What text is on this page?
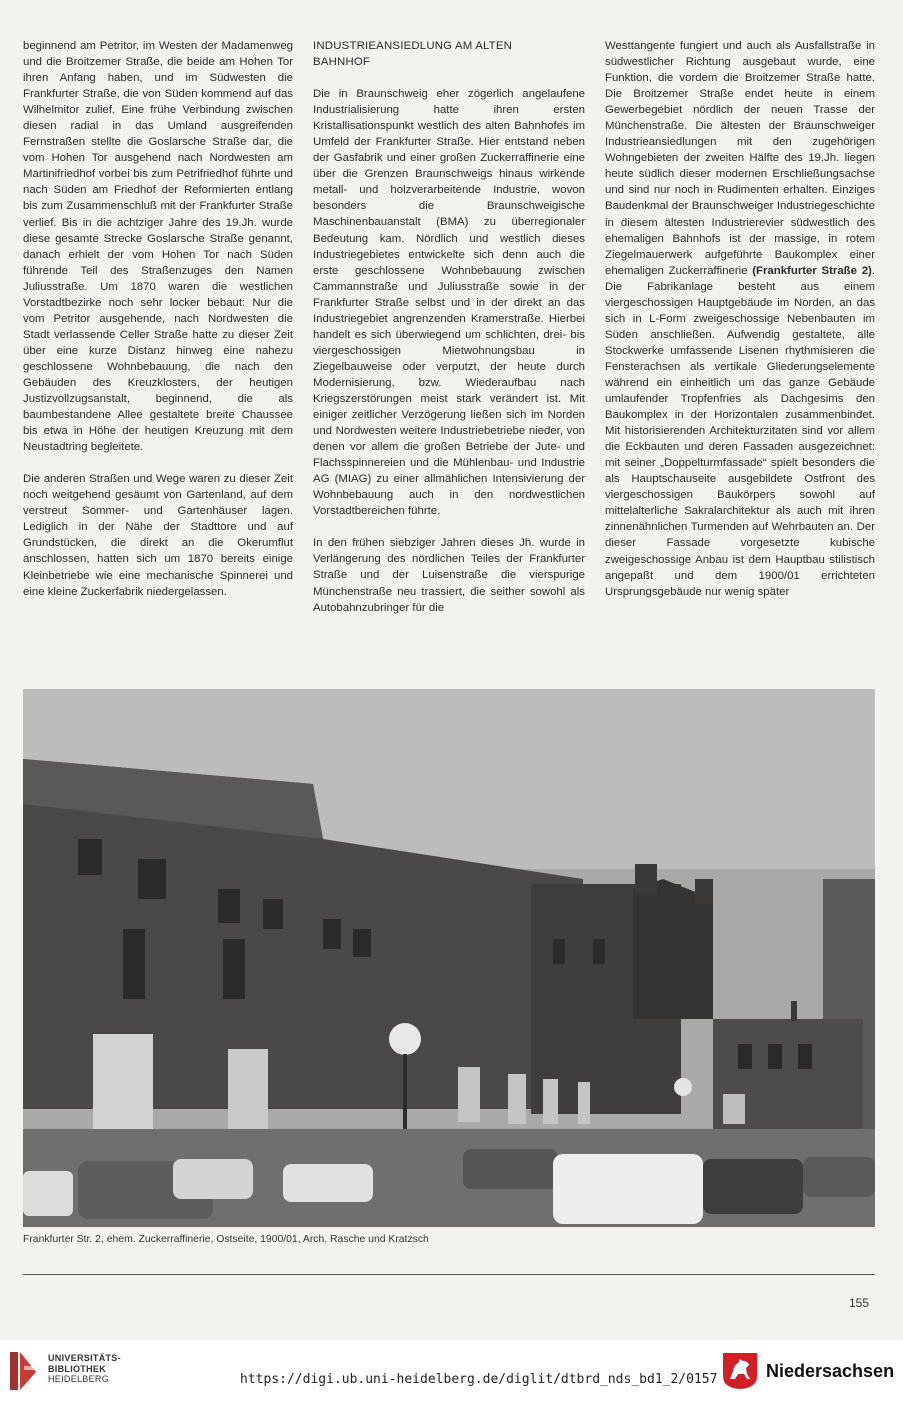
beginnend am Petritor, im Westen der Madamenweg und die Broitzemer Straße, die beide am Hohen Tor ihren Anfang haben, und im Südwesten die Frankfurter Straße, die von Süden kommend auf das Wilhelmitor zulief. Eine frühe Verbindung zwischen diesen radial in das Umland ausgreifenden Fernstraßen stellte die Goslarsche Straße dar, die vom Hohen Tor ausgehend nach Nordwesten am Martinifriedhof vorbei bis zum Petrifriedhof führte und nach Süden am Friedhof der Reformierten entlang bis zum Zusammenschluß mit der Frankfurter Straße verlief. Bis in die achtziger Jahre des 19.Jh. wurde diese gesamte Strecke Goslarsche Straße genannt, danach erhielt der vom Hohen Tor nach Süden führende Teil des Straßenzuges den Namen Juliusstraße. Um 1870 waren die westlichen Vorstadtbezirke noch sehr locker bebaut: Nur die vom Petritor ausgehende, nach Nordwesten die Stadt verlassende Celler Straße hatte zu dieser Zeit über eine kurze Distanz hinweg eine nahezu geschlossene Wohnbebauung, die nach den Gebäuden des Kreuzklosters, der heutigen Justizvollzugsanstalt, beginnend, die als baumbestandene Allee gestaltete breite Chaussee bis etwa in Höhe der heutigen Kreuzung mit dem Neustadtring begleitete.

Die anderen Straßen und Wege waren zu dieser Zeit noch weitgehend gesäumt von Gartenland, auf dem verstreut Sommer- und Gartenhäuser lagen. Lediglich in der Nähe der Stadttore und auf Grundstücken, die direkt an die Okerumflut anschlossen, hatten sich um 1870 bereits einige Kleinbetriebe wie eine mechanische Spinnerei und eine kleine Zuckerfabrik niedergelassen.

INDUSTRIEANSIEDLUNG AM ALTEN
BAHNHOF

Die in Braunschweig eher zögerlich angelaufene Industrialisierung hatte ihren ersten Kristallisationspunkt westlich des alten Bahnhofes im Umfeld der Frankfurter Straße. Hier entstand neben der Gasfabrik und einer großen Zuckerraffinerie eine über die Grenzen Braunschweigs hinaus wirkende metall- und holzverarbeitende Industrie, wovon besonders die Braunschweigische Maschinenbauanstalt (BMA) zu überregionaler Bedeutung kam. Nördlich und westlich dieses Industriegebietes entwickelte sich denn auch die erste geschlossene Wohnbebauung zwischen Cammannstraße und Juliusstraße sowie in der Frankfurter Straße selbst und in der direkt an das Industriegebiet angrenzenden Kramerstraße. Hierbei handelt es sich überwiegend um schlichten, drei- bis viergeschossigen Mietwohnungsbau in Ziegelbauweise oder verputzt, der heute durch Modernisierung, bzw. Wiederaufbau nach Kriegszerstörungen meist stark verändert ist. Mit einiger zeitlicher Verzögerung ließen sich im Norden und Nordwesten weitere Industriebetriebe nieder, von denen vor allem die großen Betriebe der Jute- und Flachsspinnereien und die Mühlenbau- und Industrie AG (MIAG) zu einer allmählichen Intensivierung der Wohnbebauung auch in den nordwestlichen Vorstadtbereichen führte.

In den frühen siebziger Jahren dieses Jh. wurde in Verlängerung des nördlichen Teiles der Frankfurter Straße und der Luisenstraße die vierspurige Münchenstraße neu trassiert, die seither sowohl als Autobahnzubringer für die

Westtangente fungiert und auch als Ausfallstraße in südwestlicher Richtung ausgebaut wurde, eine Funktion, die vordem die Broitzemer Straße hatte. Die Broitzemer Straße endet heute in einem Gewerbegebiet nördlich der neuen Trasse der Münchenstraße. Die ältesten der Braunschweiger Industrieansiedlungen mit den zugehörigen Wohngebieten der zweiten Hälfte des 19.Jh. liegen heute südlich dieser modernen Erschließungsachse und sind nur noch in Rudimenten erhalten. Einziges Baudenkmal der Braunschweiger Industriegeschichte in diesem ältesten Industrierevier südwestlich des ehemaligen Bahnhofs ist der massige, in rotem Ziegelmauerwerk aufgeführte Baukomplex einer ehemaligen Zuckerraffinerie (Frankfurter Straße 2). Die Fabrikanlage besteht aus einem viergeschossigen Hauptgebäude im Norden, an das sich in L-Form zweigeschossige Nebenbauten im Süden anschließen. Aufwendig gestaltete, alle Stockwerke umfassende Lisenen rhythmisieren die Fensterachsen als vertikale Gliederungselemente während ein einheitlich um das ganze Gebäude umlaufender Tropfenfries als Dachgesims den Baukomplex in der Horizontalen zusammenbindet. Mit historisierenden Architekturzitaten sind vor allem die Eckbauten und deren Fassaden ausgezeichnet: mit seiner „Doppelturmfassade“ spielt besonders die als Hauptschauseite ausgebildete Ostfront des viergeschossigen Baukörpers sowohl auf mittelalterliche Sakralarchitektur als auch mit ihren zinnenähnlichen Turmenden auf Wehrbauten an. Der dieser Fassade vorgesetzte kubische zweigeschossige Anbau ist dem Hauptbau stilistisch angepaßt und dem 1900/01 errichteten Ursprungsgebäude nur wenig später

Frankfurter Str. 2, ehem. Zuckerraffinerie, Ostseite, 1900/01, Arch. Rasche und Kratzsch
155
UNIVERSITÄTS-
BIBLIOTHEK
HEIDELBERG	https://digi.ub.uni-heidelberg.de/diglit/dtbrd_nds_bd1_2/0157	Niedersachsen
